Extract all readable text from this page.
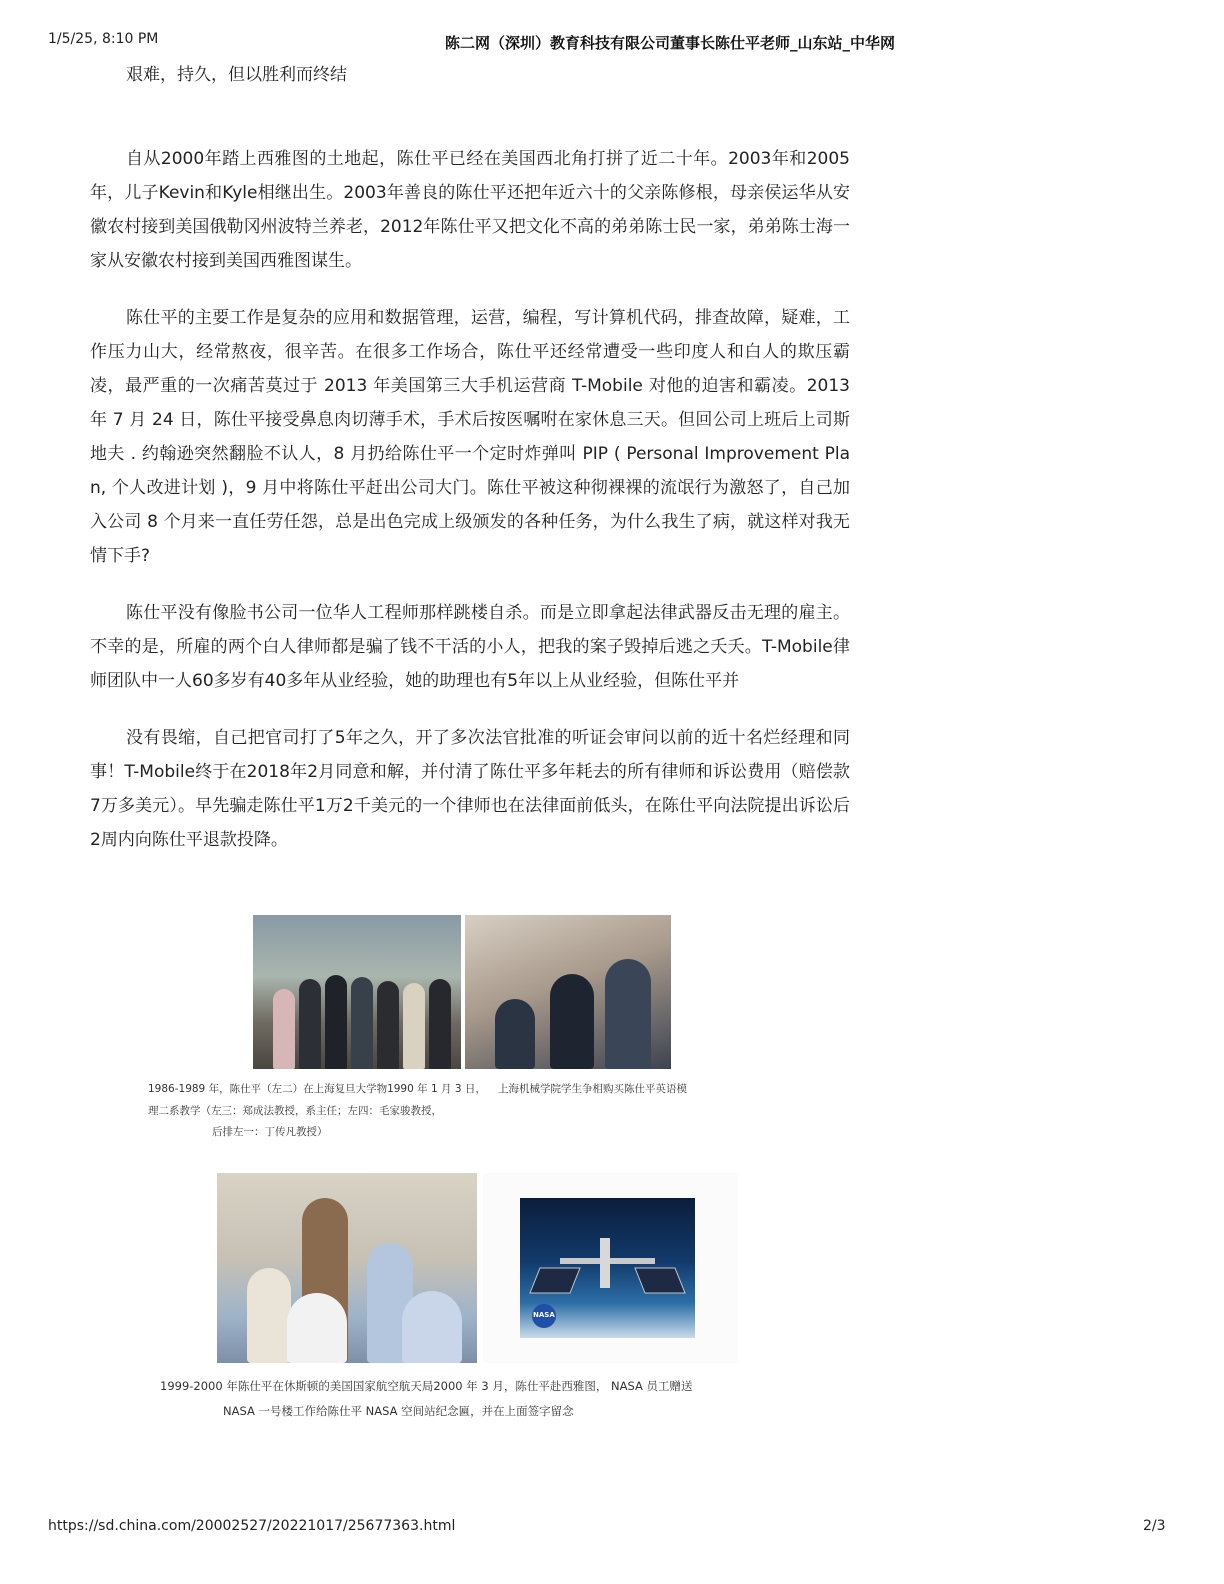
1/5/25, 8:10 PM	陈二网（深圳）教育科技有限公司董事长陈仕平老师_山东站_中华网

艰难，持久，但以胜利而终结

自从2000年踏上西雅图的土地起，陈仕平已经在美国西北角打拼了近二十年。2003年和2005年，儿子Kevin和Kyle相继出生。2003年善良的陈仕平还把年近六十的父亲陈修根，母亲侯运华从安徽农村接到美国俄勒冈州波特兰养老，2012年陈仕平又把文化不高的弟弟陈士民一家，弟弟陈士海一家从安徽农村接到美国西雅图谋生。

陈仕平的主要工作是复杂的应用和数据管理，运营，编程，写计算机代码，排查故障，疑难，工作压力山大，经常熬夜，很辛苦。在很多工作场合，陈仕平还经常遭受一些印度人和白人的欺压霸凌，最严重的一次痛苦莫过于 2013 年美国第三大手机运营商 T-Mobile 对他的迫害和霸凌。2013 年 7 月 24 日，陈仕平接受鼻息肉切薄手术，手术后按医嘱咐在家休息三天。但回公司上班后上司斯地夫 . 约翰逊突然翻脸不认人，8 月扔给陈仕平一个定时炸弹叫 PIP ( Personal Improvement Plan, 个人改进计划 )，9 月中将陈仕平赶出公司大门。陈仕平被这种彻裸裸的流氓行为激怒了，自己加入公司 8 个月来一直任劳任怨，总是出色完成上级颁发的各种任务，为什么我生了病，就这样对我无情下手?

陈仕平没有像脸书公司一位华人工程师那样跳楼自杀。而是立即拿起法律武器反击无理的雇主。不幸的是，所雇的两个白人律师都是骗了钱不干活的小人，把我的案子毁掉后逃之夭夭。T-Mobile律师团队中一人60多岁有40多年从业经验，她的助理也有5年以上从业经验，但陈仕平并

没有畏缩，自己把官司打了5年之久，开了多次法官批准的听证会审问以前的近十名烂经理和同事！T-Mobile终于在2018年2月同意和解，并付清了陈仕平多年耗去的所有律师和诉讼费用（赔偿款7万多美元）。早先骗走陈仕平1万2千美元的一个律师也在法律面前低头，在陈仕平向法院提出诉讼后2周内向陈仕平退款投降。

1986-1989 年，陈仕平（左二）在上海复旦大学物1990 年 1 月 3 日，
理二系教学（左三：郑成法教授，系主任；左四：毛家骏教授，
后排左一：丁传凡教授）
上海机械学院学生争相购买陈仕平英语模
NASA
1999-2000 年陈仕平在休斯顿的美国国家航空航天局2000 年 3 月，陈仕平赴西雅图， NASA 员工赠送
NASA 一号楼工作给陈仕平 NASA 空间站纪念匾，并在上面签字留念
https://sd.china.com/20002527/20221017/25677363.html	2/3
